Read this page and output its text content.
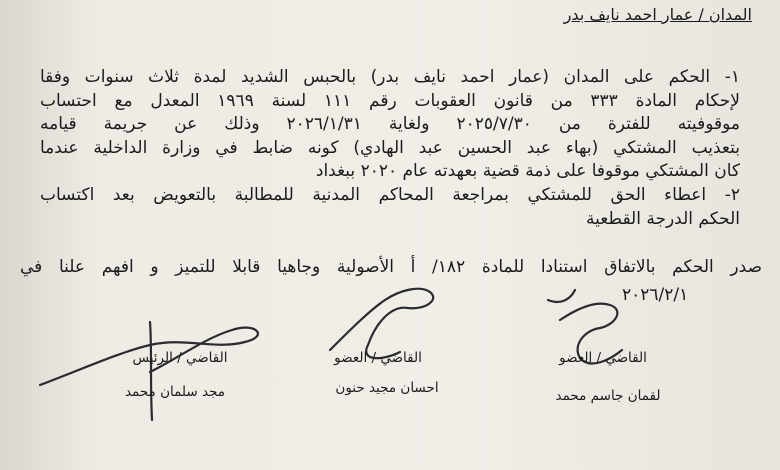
المدان / عمار احمد نايف بدر
١- الحكم على المدان (عمار احمد نايف بدر) بالحبس الشديد لمدة ثلاث سنوات وفقا
لإحكام المادة ٣٣٣ من قانون العقوبات رقم ١١١ لسنة ١٩٦٩ المعدل مع احتساب
موقوفيته للفترة من ٢٠٢٥/٧/٣٠ ولغاية ٢٠٢٦/١/٣١ وذلك عن جريمة قيامه
بتعذيب المشتكي (بهاء عبد الحسين عبد الهادي) كونه ضابط في وزارة الداخلية عندما
كان المشتكي موقوفا على ذمة قضية بعهدته عام ٢٠٢٠ ببغداد
٢- اعطاء الحق للمشتكي بمراجعة المحاكم المدنية للمطالبة بالتعويض بعد اكتساب
الحكم الدرجة القطعية
صدر الحكم بالاتفاق استنادا للمادة ١٨٢/ أ الأصولية وجاهيا قابلا للتميز و افهم علنا في
٢٠٢٦/٢/١
القاضي / الرئيس
مجد سلمان محمد
القاضي / العضو
احسان مجيد حنون
القاضي / العضو
لقمان جاسم محمد
